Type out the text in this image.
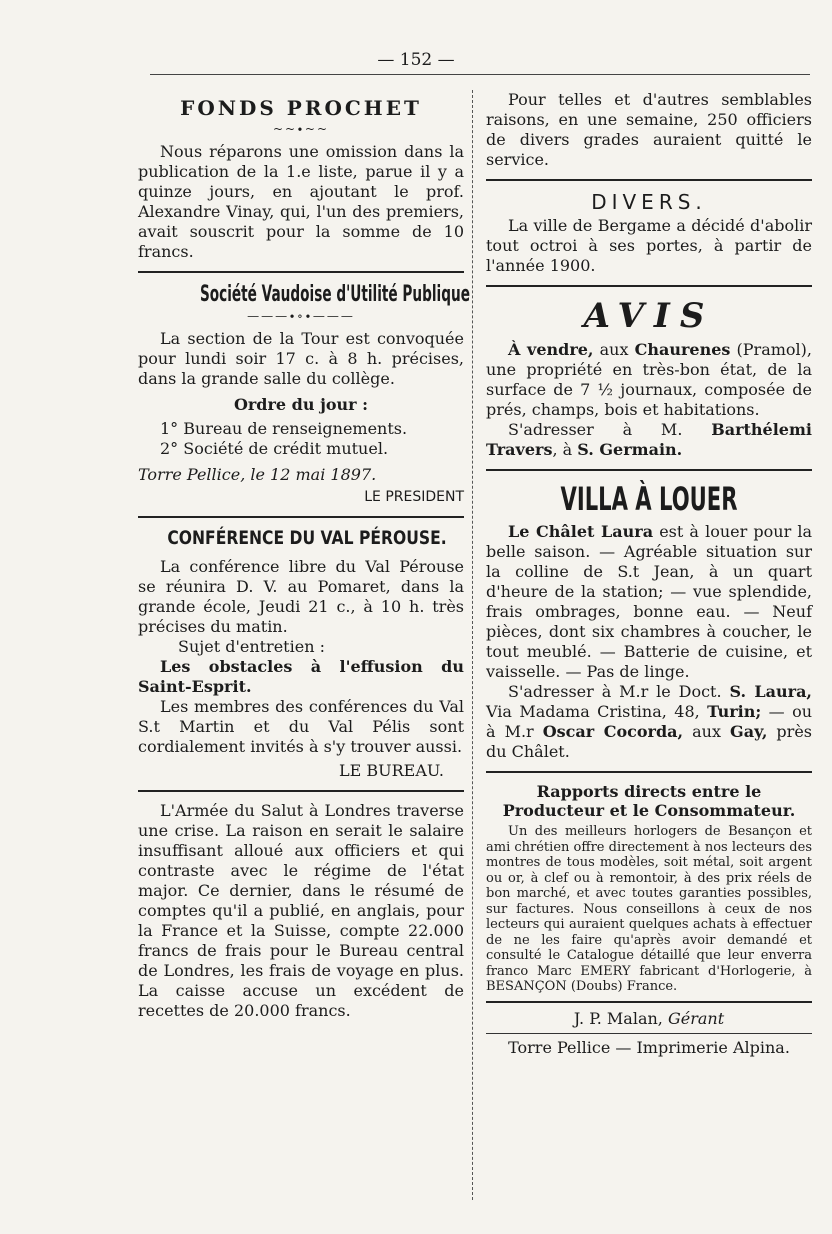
— 152 —
FONDS PROCHET
~~∙~~

Nous réparons une omission dans la publication de la 1.e liste, parue il y a quinze jours, en ajoutant le prof. Alexandre Vinay, qui, l'un des premiers, avait souscrit pour la somme de 10 francs.

Société Vaudoise d'Utilité Publique
———∙∘∙———

La section de la Tour est convoquée pour lundi soir 17 c. à 8 h. précises, dans la grande salle du collège.

Ordre du jour :

1° Bureau de renseignements.

2° Société de crédit mutuel.

Torre Pellice, le 12 mai 1897.

LE PRESIDENT

CONFÉRENCE DU VAL PÉROUSE.

La conférence libre du Val Pérouse se réunira D. V. au Pomaret, dans la grande école, Jeudi 21 c., à 10 h. très précises du matin.

Sujet d'entretien :

Les obstacles à l'effusion du Saint-Esprit.

Les membres des conférences du Val S.t Martin et du Val Pélis sont cordialement invités à s'y trouver aussi.

LE BUREAU.

L'Armée du Salut à Londres traverse une crise. La raison en serait le salaire insuffisant alloué aux officiers et qui contraste avec le régime de l'état major. Ce dernier, dans le résumé de comptes qu'il a publié, en anglais, pour la France et la Suisse, compte 22.000 francs de frais pour le Bureau central de Londres, les frais de voyage en plus. La caisse accuse un excédent de recettes de 20.000 francs.

Pour telles et d'autres semblables raisons, en une semaine, 250 officiers de divers grades auraient quitté le service.

DIVERS.

La ville de Bergame a décidé d'abolir tout octroi à ses portes, à partir de l'année 1900.

AVIS

À vendre, aux Chaurenes (Pramol), une propriété en très-bon état, de la surface de 7 ½ journaux, composée de prés, champs, bois et habitations.

S'adresser à M. Barthélemi Travers, à S. Germain.

VILLA À LOUER

Le Châlet Laura est à louer pour la belle saison. — Agréable situation sur la colline de S.t Jean, à un quart d'heure de la station; — vue splendide, frais ombrages, bonne eau. — Neuf pièces, dont six chambres à coucher, le tout meublé. — Batterie de cuisine, et vaisselle. — Pas de linge.

S'adresser à M.r le Doct. S. Laura, Via Madama Cristina, 48, Turin; — ou à M.r Oscar Cocorda, aux Gay, près du Châlet.

Rapports directs entre le Producteur et le Consommateur.

Un des meilleurs horlogers de Besançon et ami chrétien offre directement à nos lecteurs des montres de tous modèles, soit métal, soit argent ou or, à clef ou à remontoir, à des prix réels de bon marché, et avec toutes garanties possibles, sur factures. Nous conseillons à ceux de nos lecteurs qui auraient quelques achats à effectuer de ne les faire qu'après avoir demandé et consulté le Catalogue détaillé que leur enverra franco Marc EMERY fabricant d'Horlogerie, à BESANÇON (Doubs) France.

J. P. Malan, Gérant

Torre Pellice — Imprimerie Alpina.
